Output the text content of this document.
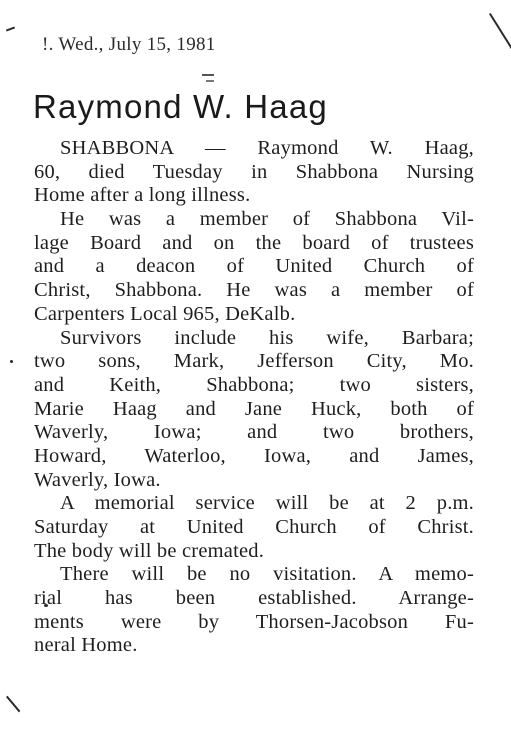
ǃ. Wed., July 15, 1981
Raymond W. Haag
SHABBONA — Raymond W. Haag,
60, died Tuesday in Shabbona Nursing
Home after a long illness.
He was a member of Shabbona Vil-
lage Board and on the board of trustees
and a deacon of United Church of
Christ, Shabbona. He was a member of
Carpenters Local 965, DeKalb.
Survivors include his wife, Barbara;
two sons, Mark, Jefferson City, Mo.
and Keith, Shabbona; two sisters,
Marie Haag and Jane Huck, both of
Waverly, Iowa; and two brothers,
Howard, Waterloo, Iowa, and James,
Waverly, Iowa.
A memorial service will be at 2 p.m.
Saturday at United Church of Christ.
The body will be cremated.
There will be no visitation. A memo-
rial has been established. Arrange-
ments were by Thorsen-Jacobson Fu-
neral Home.
